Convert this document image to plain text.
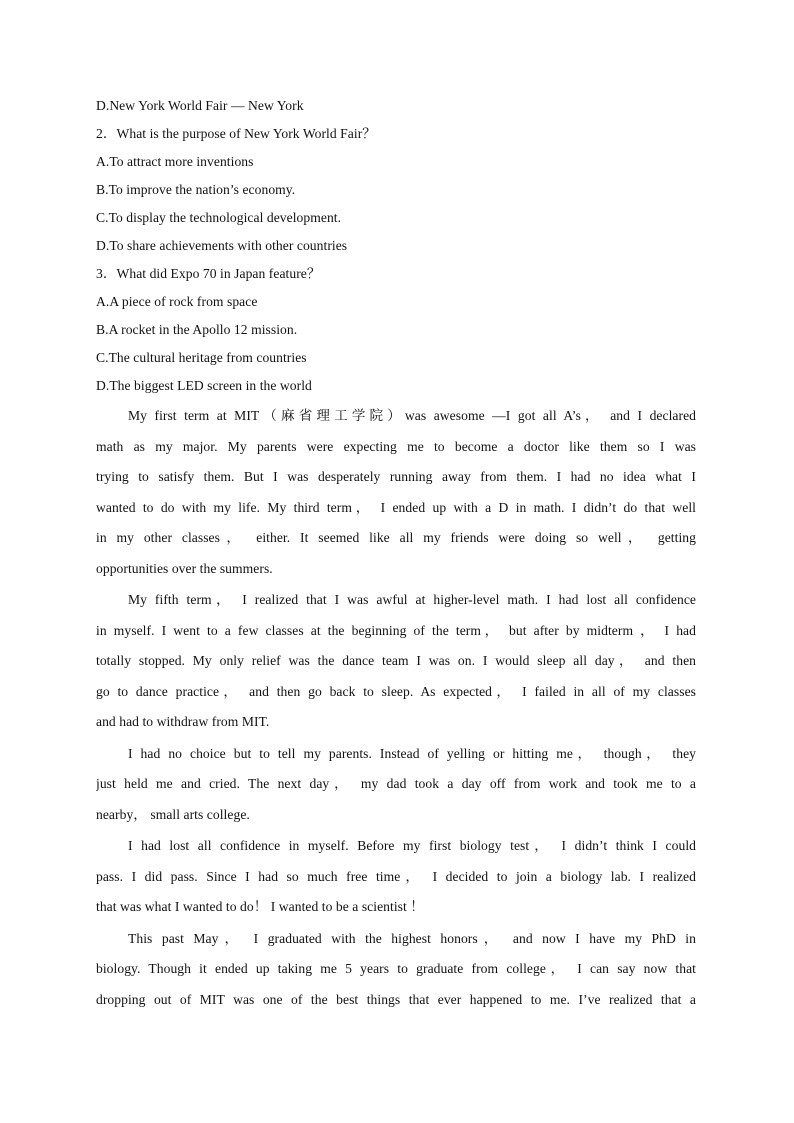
D.New York World Fair — New York
2．What is the purpose of New York World Fair？
A.To attract more inventions
B.To improve the nation’s economy.
C.To display the technological development.
D.To share achievements with other countries
3．What did Expo 70 in Japan feature？
A.A piece of rock from space
B.A rocket in the Apollo 12 mission.
C.The cultural heritage from countries
D.The biggest LED screen in the world
My first term at MIT（麻省理工学院）was awesome —I got all A’s， and I declared
math as my major. My parents were expecting me to become a doctor like them so I was
trying to satisfy them. But I was desperately running away from them. I had no idea what I
wanted to do with my life. My third term， I ended up with a D in math. I didn’t do that well
in my other classes， either. It seemed like all my friends were doing so well， getting
opportunities over the summers.
My fifth term， I realized that I was awful at higher-level math. I had lost all confidence
in myself. I went to a few classes at the beginning of the term， but after by midterm ， I had
totally stopped. My only relief was the dance team I was on. I would sleep all day， and then
go to dance practice， and then go back to sleep. As expected， I failed in all of my classes
and had to withdraw from MIT.
I had no choice but to tell my parents. Instead of yelling or hitting me， though， they
just held me and cried. The next day， my dad took a day off from work and took me to a
nearby， small arts college.
I had lost all confidence in myself. Before my first biology test， I didn’t think I could
pass. I did pass. Since I had so much free time， I decided to join a biology lab. I realized
that was what I wanted to do！ I wanted to be a scientist ！
This past May， I graduated with the highest honors， and now I have my PhD in
biology. Though it ended up taking me 5 years to graduate from college， I can say now that
dropping out of MIT was one of the best things that ever happened to me. I’ve realized that a
